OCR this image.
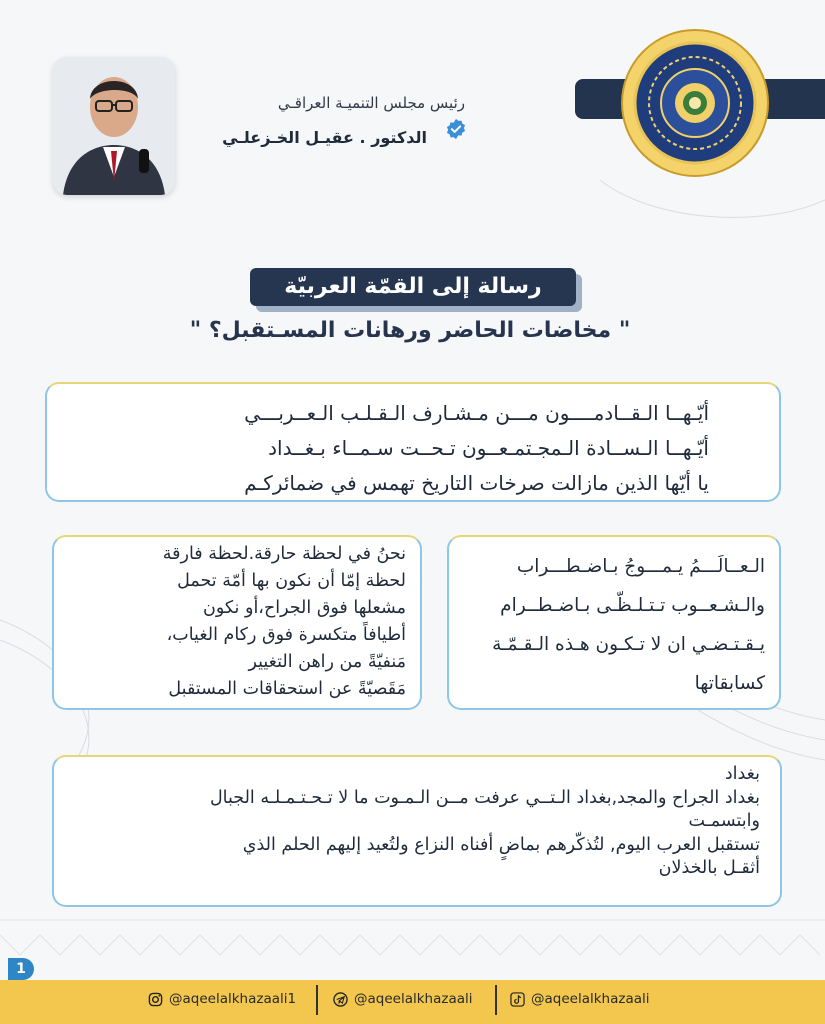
رئيس مجلس التنميـة العراقـي
الدكتور . عقيـل الخـزعلـي
رسالة إلى القمّة العربيّة
" مخاضات الحاضر ورهانات المسـتقبل؟ "
أيّـهــا الـقــادمــــون مـــن مـشـارف الـقـلـب الـعــربـــي
أيّـهــا الـســادة الـمجـتمـعــون تـحــت سـمــاء بـغــداد
يا أيّها الذين مازالت صرخات التاريخ تهمس في ضمائركـم
الـعــالَـــمُ يـمـــوجُ بـاضـطـــراب
والـشـعــوب تـتـلـظّـى بـاضـطــرام
يـقـتـضـي ان لا تـكـون هـذه الـقـمّـة
كسابقاتها
نحنُ في لحظة حارقة.لحظة فارقة
لحظة إمّا أن نكون بها أمّة تحمل
مشعلها فوق الجراح،أو نكون
أطيافاً متكسرة فوق ركام الغياب،
مَنفيّةً من راهن التغيير
مَقَصيّةً عن استحقاقات المستقبل
بغداد
بغداد الجراح والمجد,بغداد الـتــي عرفت مــن الـمـوت ما لا تـحـتـمـلـه الجبال
وابتسمـت
تستقبل العرب اليوم, لتُذكّرهم بماضٍ أفناه النزاع ولتُعيد إليهم الحلم الذي
أثقـل بالخذلان
1
@aqeelalkhazaali1	@aqeelalkhazaali	@aqeelalkhazaali
